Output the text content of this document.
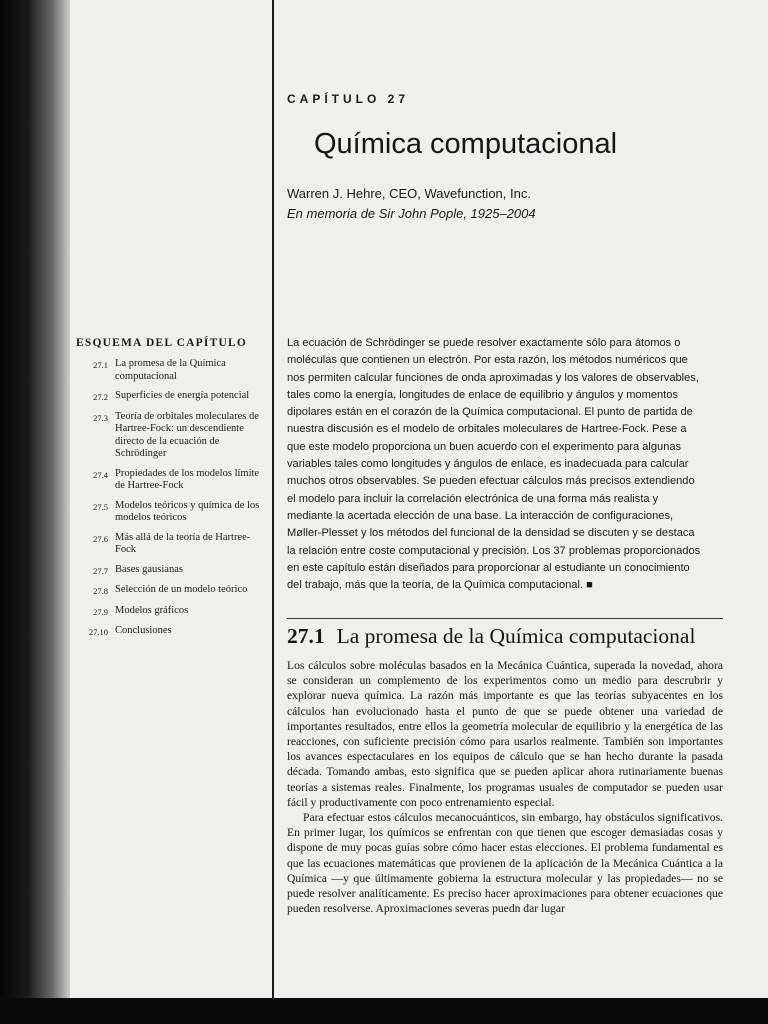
CAPÍTULO 27
Química computacional
Warren J. Hehre, CEO, Wavefunction, Inc.
En memoria de Sir John Pople, 1925–2004
ESQUEMA DEL CAPÍTULO
27.1 La promesa de la Química computacional
27.2 Superficies de energía potencial
27.3 Teoría de orbitales moleculares de Hartree-Fock: un descendiente directo de la ecuación de Schrödinger
27.4 Propiedades de los modelos límite de Hartree-Fock
27.5 Modelos teóricos y química de los modelos teóricos
27.6 Más allá de la teoría de Hartree-Fock
27.7 Bases gausianas
27.8 Selección de un modelo teórico
27.9 Modelos gráficos
27.10 Conclusiones
La ecuación de Schrödinger se puede resolver exactamente sólo para átomos o moléculas que contienen un electrón. Por esta razón, los métodos numéricos que nos permiten calcular funciones de onda aproximadas y los valores de observables, tales como la energía, longitudes de enlace de equilibrio y ángulos y momentos dipolares están en el corazón de la Química computacional. El punto de partida de nuestra discusión es el modelo de orbitales moleculares de Hartree-Fock. Pese a que este modelo proporciona un buen acuerdo con el experimento para algunas variables tales como longitudes y ángulos de enlace, es inadecuada para calcular muchos otros observables. Se pueden efectuar cálculos más precisos extendiendo el modelo para incluir la correlación electrónica de una forma más realista y mediante la acertada elección de una base. La interacción de configuraciones, Møller-Plesset y los métodos del funcional de la densidad se discuten y se destaca la relación entre coste computacional y precisión. Los 37 problemas proporcionados en este capítulo están diseñados para proporcionar al estudiante un conocimiento del trabajo, más que la teoría, de la Química computacional. ■
27.1 La promesa de la Química computacional

Los cálculos sobre moléculas basados en la Mecánica Cuántica, superada la novedad, ahora se consideran un complemento de los experimentos como un medio para descrubrir y explorar nueva química. La razón más importante es que las teorías subyacentes en los cálculos han evolucionado hasta el punto de que se puede obtener una variedad de importantes resultados, entre ellos la geometría molecular de equilibrio y la energética de las reacciones, con suficiente precisión cómo para usarlos realmente. También son importantes los avances espectaculares en los equipos de cálculo que se han hecho durante la pasada década. Tomando ambas, esto significa que se pueden aplicar ahora rutinariamente buenas teorías a sistemas reales. Finalmente, los programas usuales de computador se pueden usar fácil y productivamente con poco entrenamiento especial.

Para efectuar estos cálculos mecanocuánticos, sin embargo, hay obstáculos significativos. En primer lugar, los químicos se enfrentan con que tienen que escoger demasiadas cosas y dispone de muy pocas guías sobre cómo hacer estas elecciones. El problema fundamental es que las ecuaciones matemáticas que provienen de la aplicación de la Mecánica Cuántica a la Química —y que últimamente gobierna la estructura molecular y las propiedades— no se puede resolver analíticamente. Es preciso hacer aproximaciones para obtener ecuaciones que pueden resolverse. Aproximaciones severas puedn dar lugar
